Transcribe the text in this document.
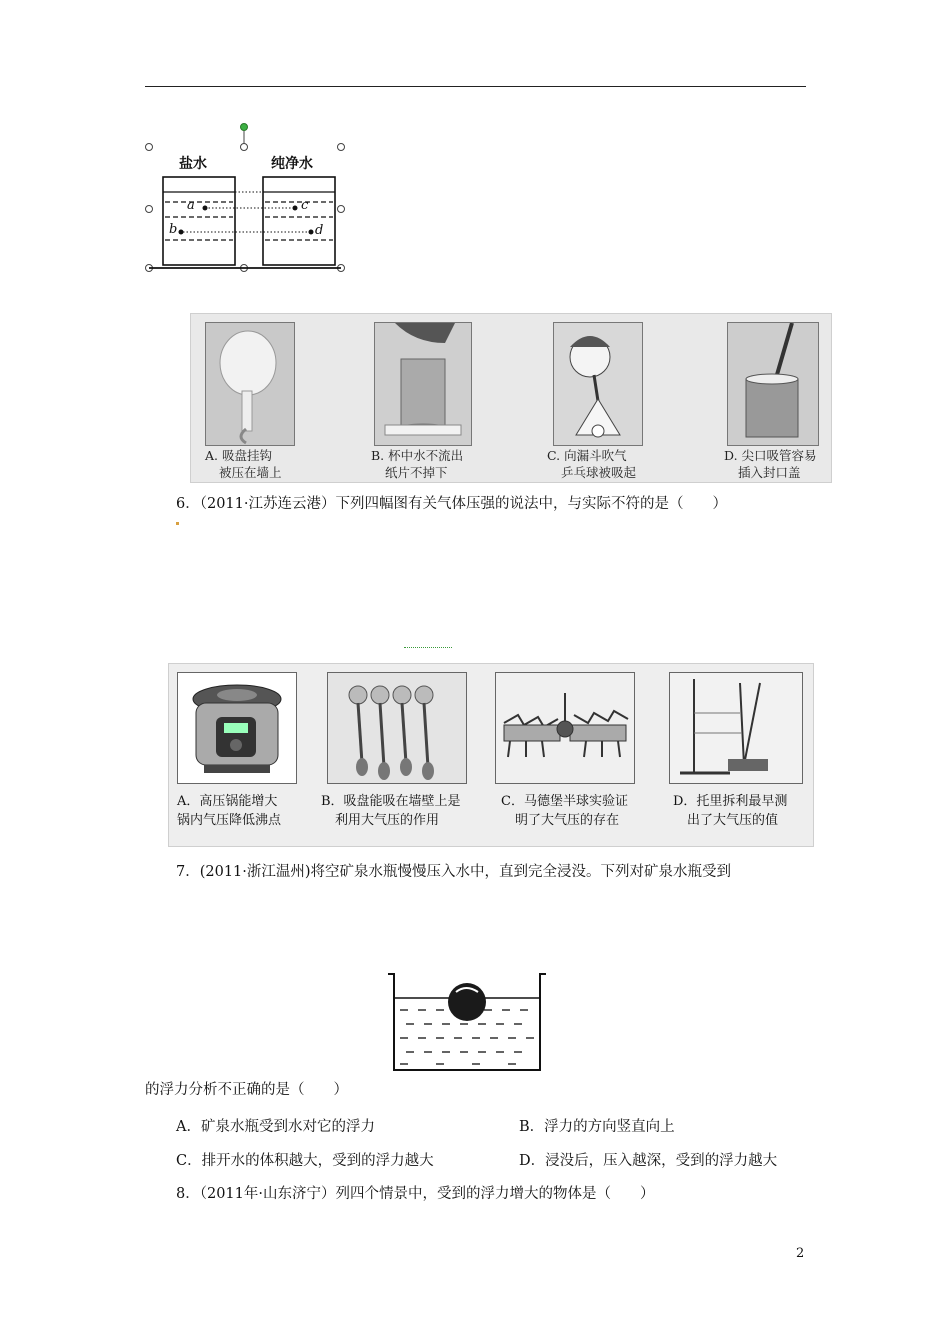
盐水	纯净水
a
b
c
d
A. 吸盘挂钩
被压在墙上
B. 杯中水不流出
纸片不掉下
C. 向漏斗吹气
乒乓球被吸起
D. 尖口吸管容易
插入封口盖
6．（2011·江苏连云港）下列四幅图有关气体压强的说法中，与实际不符的是（　　）
A．高压锅能增大
锅内气压降低沸点
B．吸盘能吸在墙壁上是
利用大气压的作用
C．马德堡半球实验证
明了大气压的存在
D．托里拆利最早测
出了大气压的值
7．(2011·浙江温州)将空矿泉水瓶慢慢压入水中，直到完全浸没。下列对矿泉水瓶受到
的浮力分析不正确的是（　　）
A．矿泉水瓶受到水对它的浮力	B．浮力的方向竖直向上
C．排开水的体积越大，受到的浮力越大	D．浸没后，压入越深，受到的浮力越大
8．（2011年·山东济宁）列四个情景中，受到的浮力增大的物体是（　　）
2
